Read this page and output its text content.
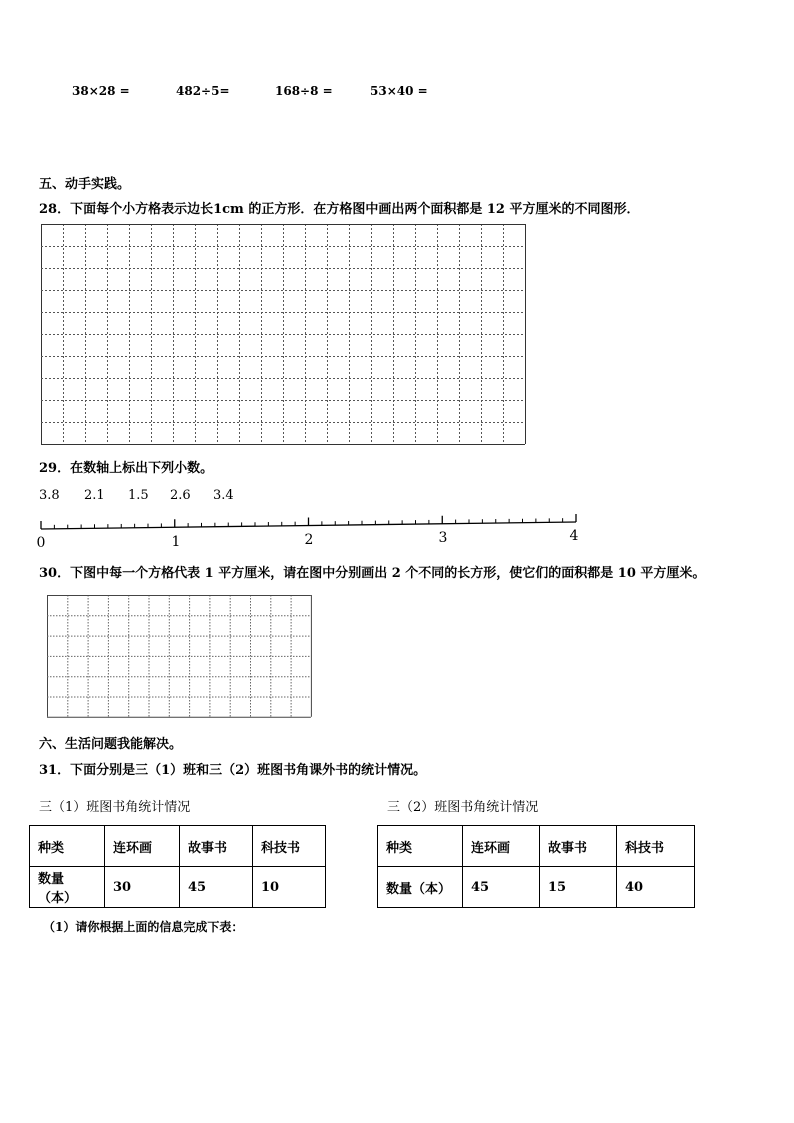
38×28 =	482÷5=	168÷8 =	53×40 =
五、动手实践。
28．下面每个小方格表示边长1cm 的正方形．在方格图中画出两个面积都是 12 平方厘米的不同图形．
29．在数轴上标出下列小数。
3.8 2.1 1.5 2.6 3.4
0	1	2	3	4
30．下图中每一个方格代表 1 平方厘米，请在图中分别画出 2 个不同的长方形，使它们的面积都是 10 平方厘米。
六、生活问题我能解决。
31．下面分别是三（1）班和三（2）班图书角课外书的统计情况。
三（1）班图书角统计情况
种类	连环画	故事书	科技书
数量（本）	30	45	10
三（2）班图书角统计情况
种类	连环画	故事书	科技书
数量（本）	45	15	40
（1）请你根据上面的信息完成下表：
